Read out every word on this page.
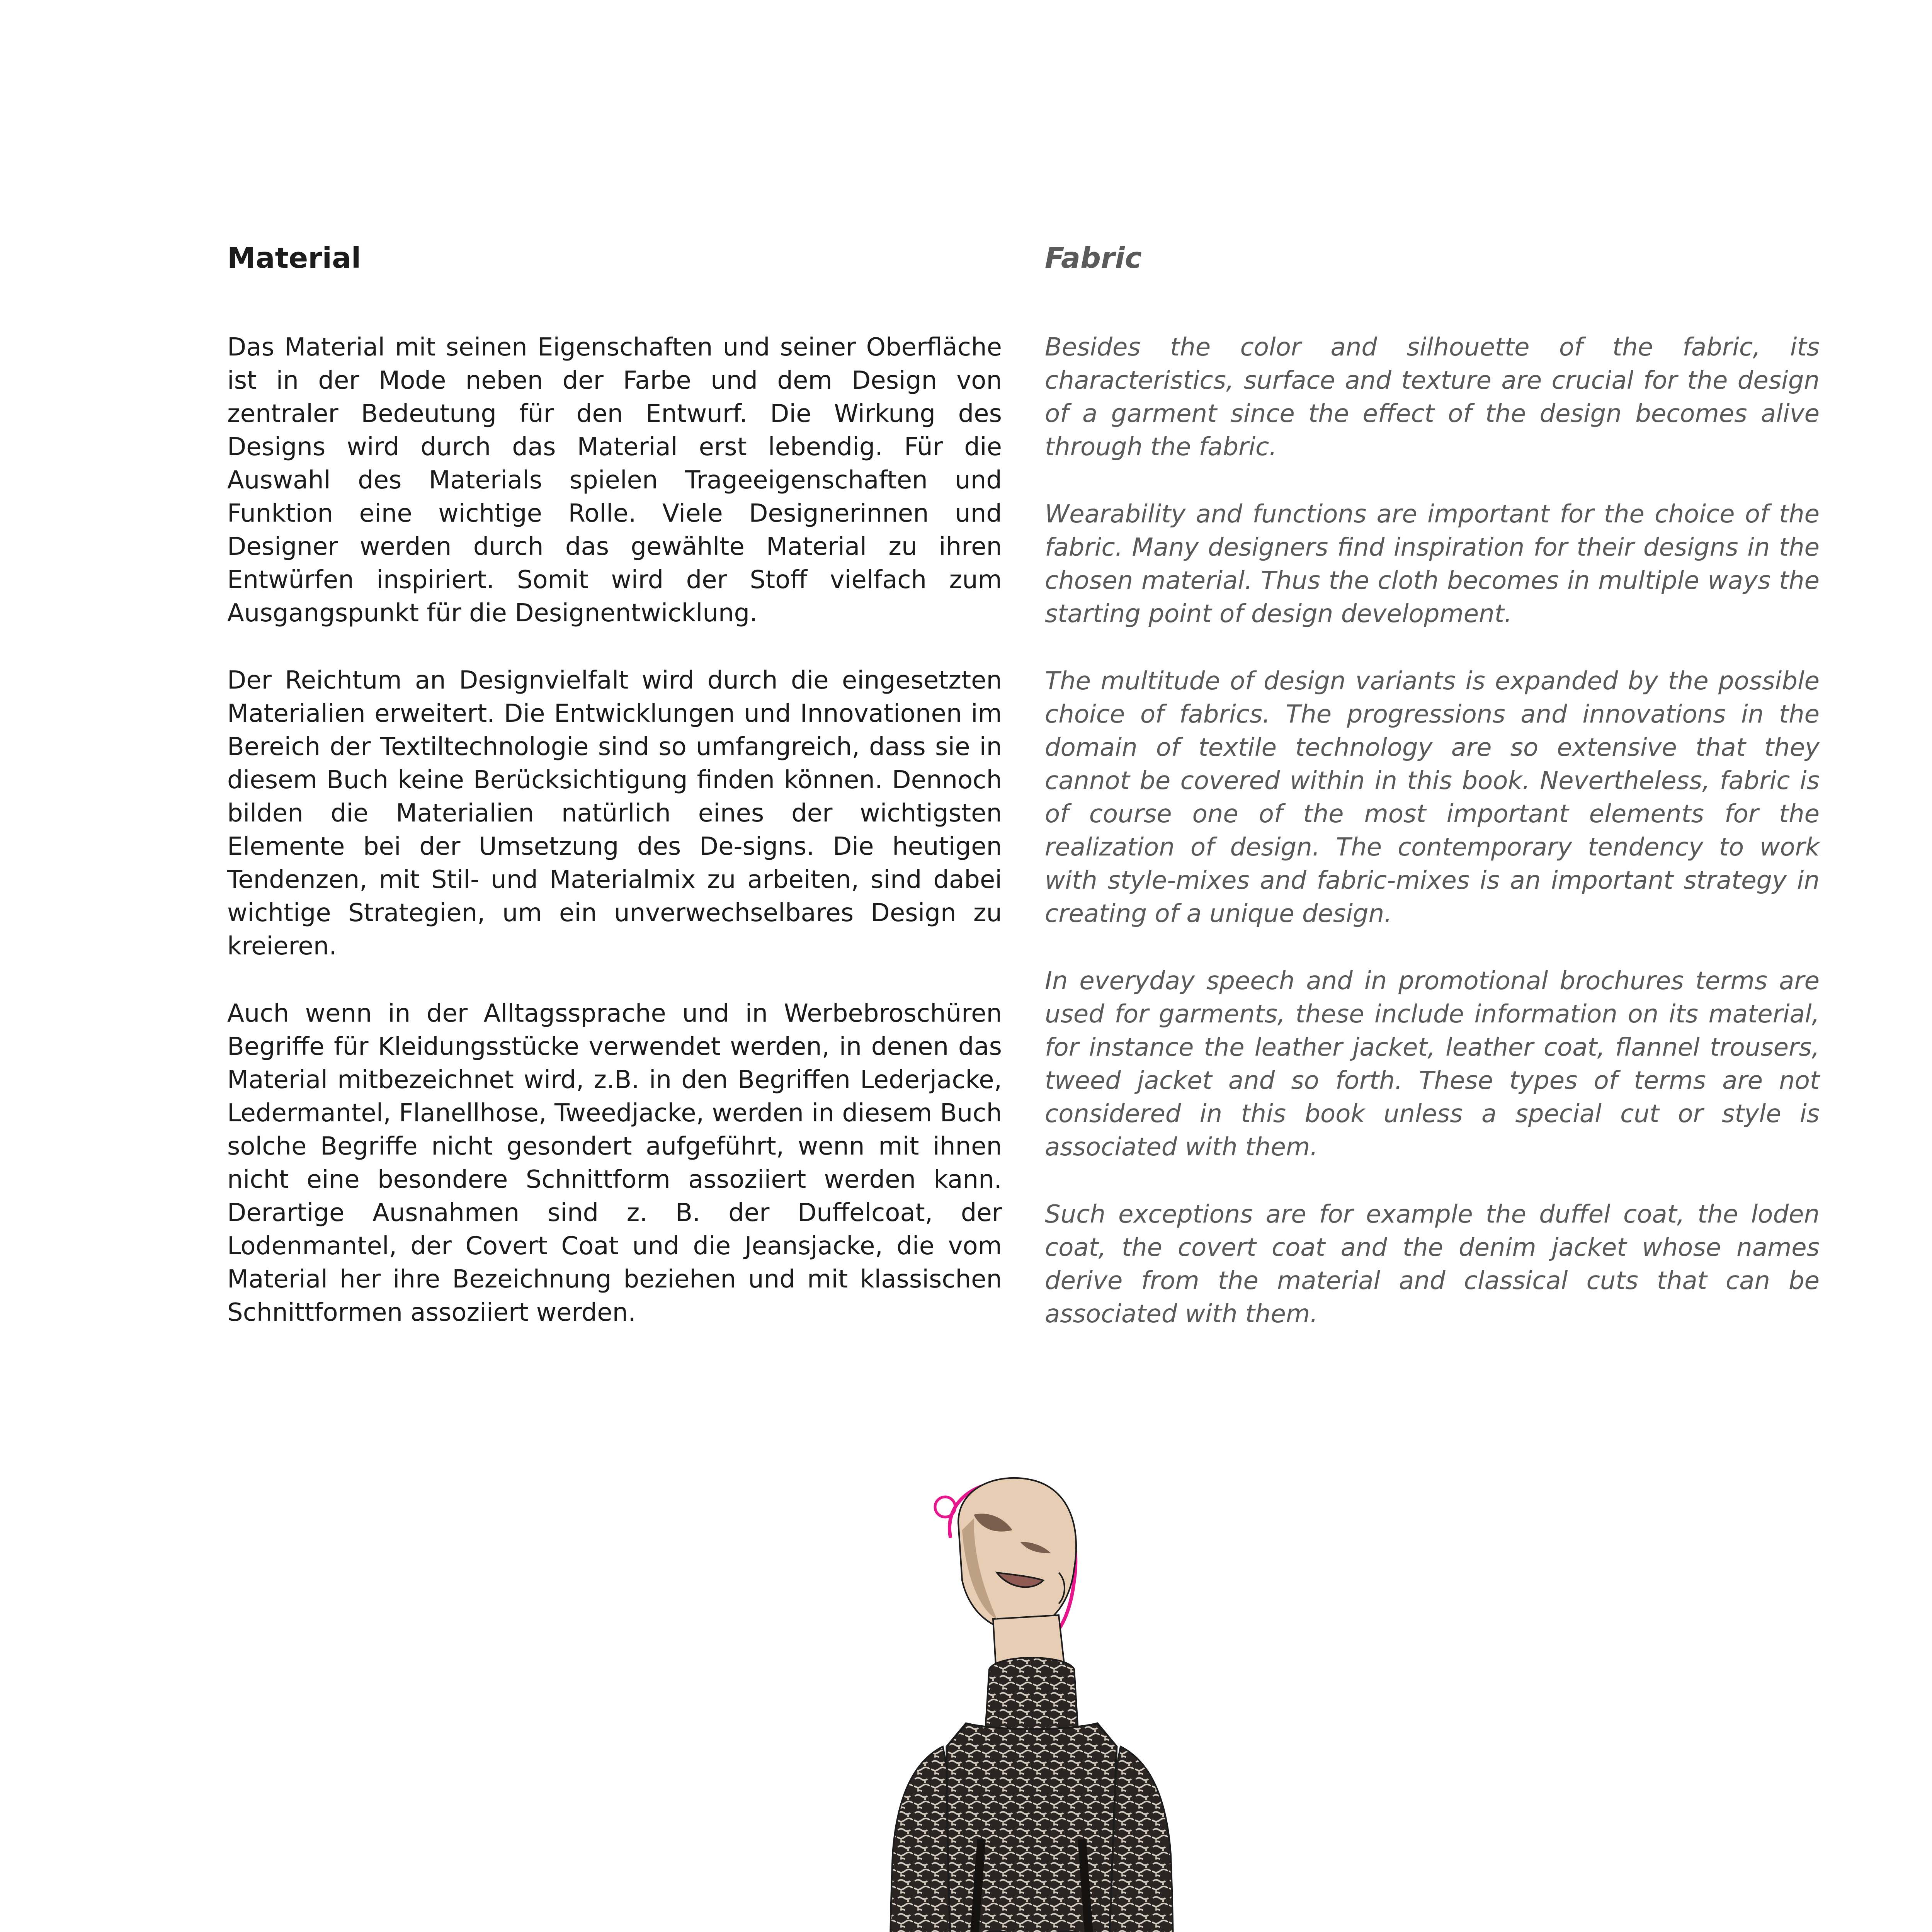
Material

Das Material mit seinen Eigenschaften und seiner Oberfläche ist in der Mode neben der Farbe und dem Design von zentraler Bedeutung für den Entwurf. Die Wirkung des Designs wird durch das Material erst lebendig. Für die Auswahl des Materials spielen Trageeigenschaften und Funktion eine wichtige Rolle. Viele Designerinnen und Designer werden durch das gewählte Material zu ihren Entwürfen inspiriert. Somit wird der Stoff vielfach zum Ausgangspunkt für die Designentwicklung.

Der Reichtum an Designvielfalt wird durch die eingesetzten Materialien erweitert. Die Entwicklungen und Innovationen im Bereich der Textiltechnologie sind so umfangreich, dass sie in diesem Buch keine Berücksichtigung finden können. Dennoch bilden die Materialien natürlich eines der wichtigsten Elemente bei der Umsetzung des De-signs. Die heutigen Tendenzen, mit Stil- und Materialmix zu arbeiten, sind dabei wichtige Strategien, um ein unverwechselbares Design zu kreieren.

Auch wenn in der Alltagssprache und in Werbebroschüren Begriffe für Kleidungsstücke verwendet werden, in denen das Material mitbezeichnet wird, z.B. in den Begriffen Lederjacke, Ledermantel, Flanellhose, Tweedjacke, werden in diesem Buch solche Begriffe nicht gesondert aufgeführt, wenn mit ihnen nicht eine besondere Schnittform assoziiert werden kann. Derartige Ausnahmen sind z. B. der Duffelcoat, der Lodenmantel, der Covert Coat und die Jeansjacke, die vom Material her ihre Bezeichnung beziehen und mit klassischen Schnittformen assoziiert werden.

Fabric

Besides the color and silhouette of the fabric, its characteristics, surface and texture are crucial for the design of a garment since the effect of the design becomes alive through the fabric.

Wearability and functions are important for the choice of the fabric. Many designers find inspiration for their designs in the chosen material. Thus the cloth becomes in multiple ways the starting point of design development.

The multitude of design variants is expanded by the possible choice of fabrics. The progressions and innovations in the domain of textile technology are so extensive that they cannot be covered within in this book. Nevertheless, fabric is of course one of the most important elements for the realization of design. The contemporary tendency to work with style-mixes and fabric-mixes is an important strategy in creating of a unique design.

In everyday speech and in promotional brochures terms are used for garments, these include information on its material, for instance the leather jacket, leather coat, flannel trousers, tweed jacket and so forth. These types of terms are not considered in this book unless a special cut or style is associated with them.

Such exceptions are for example the duffel coat, the loden coat, the covert coat and the denim jacket whose names derive from the material and classical cuts that can be associated with them.
